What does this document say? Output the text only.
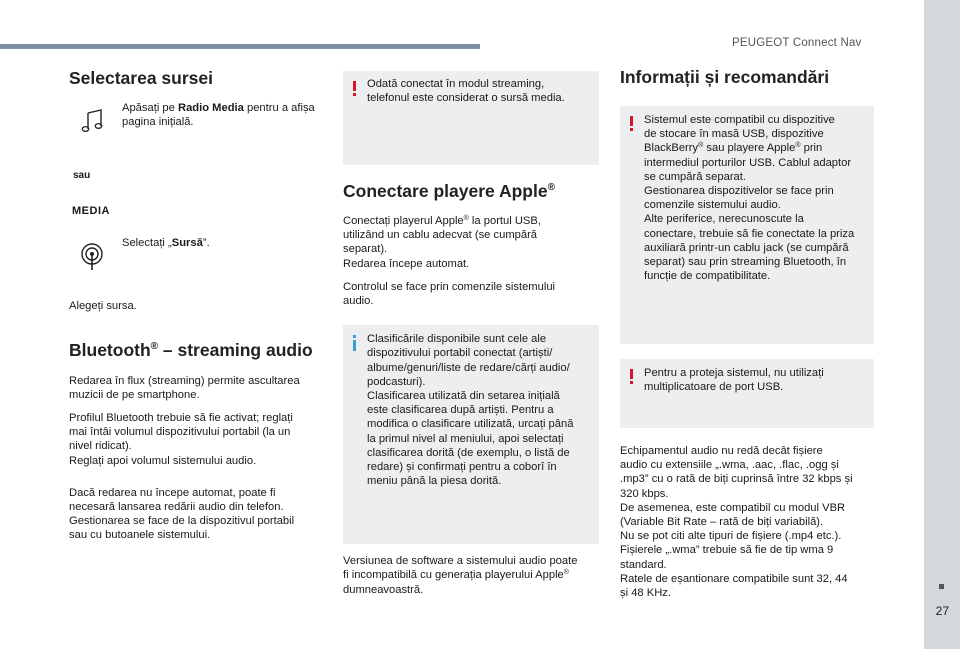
PEUGEOT Connect Nav
27
Selectarea sursei

Apăsați pe Radio Media pentru a afișa pagina inițială.

sau

MEDIA

Selectați „Sursă”.

Alegeți sursa.

Bluetooth® – streaming audio

Redarea în flux (streaming) permite ascultarea
muzicii de pe smartphone.

Profilul Bluetooth trebuie să fie activat; reglați
mai întâi volumul dispozitivului portabil (la un
nivel ridicat).
Reglați apoi volumul sistemului audio.

Dacă redarea nu începe automat, poate fi
necesară lansarea redării audio din telefon.
Gestionarea se face de la dispozitivul portabil
sau cu butoanele sistemului.

Odată conectat în modul streaming,
telefonul este considerat o sursă media.

Conectare playere Apple®

Conectați playerul Apple® la portul USB,
utilizând un cablu adecvat (se cumpără
separat).
Redarea începe automat.

Controlul se face prin comenzile sistemului
audio.

Clasificările disponibile sunt cele ale
dispozitivului portabil conectat (artiști/
albume/genuri/liste de redare/cărți audio/
podcasturi).
Clasificarea utilizată din setarea inițială
este clasificarea după artiști. Pentru a
modifica o clasificare utilizată, urcați până
la primul nivel al meniului, apoi selectați
clasificarea dorită (de exemplu, o listă de
redare) și confirmați pentru a coborî în
meniu până la piesa dorită.

Versiunea de software a sistemului audio poate
fi incompatibilă cu generația playerului Apple®
dumneavoastră.

Informații și recomandări

Sistemul este compatibil cu dispozitive
de stocare în masă USB, dispozitive
BlackBerry® sau playere Apple® prin
intermediul porturilor USB. Cablul adaptor
se cumpără separat.
Gestionarea dispozitivelor se face prin
comenzile sistemului audio.
Alte periferice, nerecunoscute la
conectare, trebuie să fie conectate la priza
auxiliară printr-un cablu jack (se cumpără
separat) sau prin streaming Bluetooth, în
funcție de compatibilitate.

Pentru a proteja sistemul, nu utilizați
multiplicatoare de port USB.

Echipamentul audio nu redă decât fișiere
audio cu extensiile „.wma, .aac, .flac, .ogg și
.mp3” cu o rată de biți cuprinsă între 32 kbps și
320 kbps.
De asemenea, este compatibil cu modul VBR
(Variable Bit Rate – rată de biți variabilă).
Nu se pot citi alte tipuri de fișiere (.mp4 etc.).
Fișierele „.wma” trebuie să fie de tip wma 9
standard.
Ratele de eșantionare compatibile sunt 32, 44
și 48 KHz.
